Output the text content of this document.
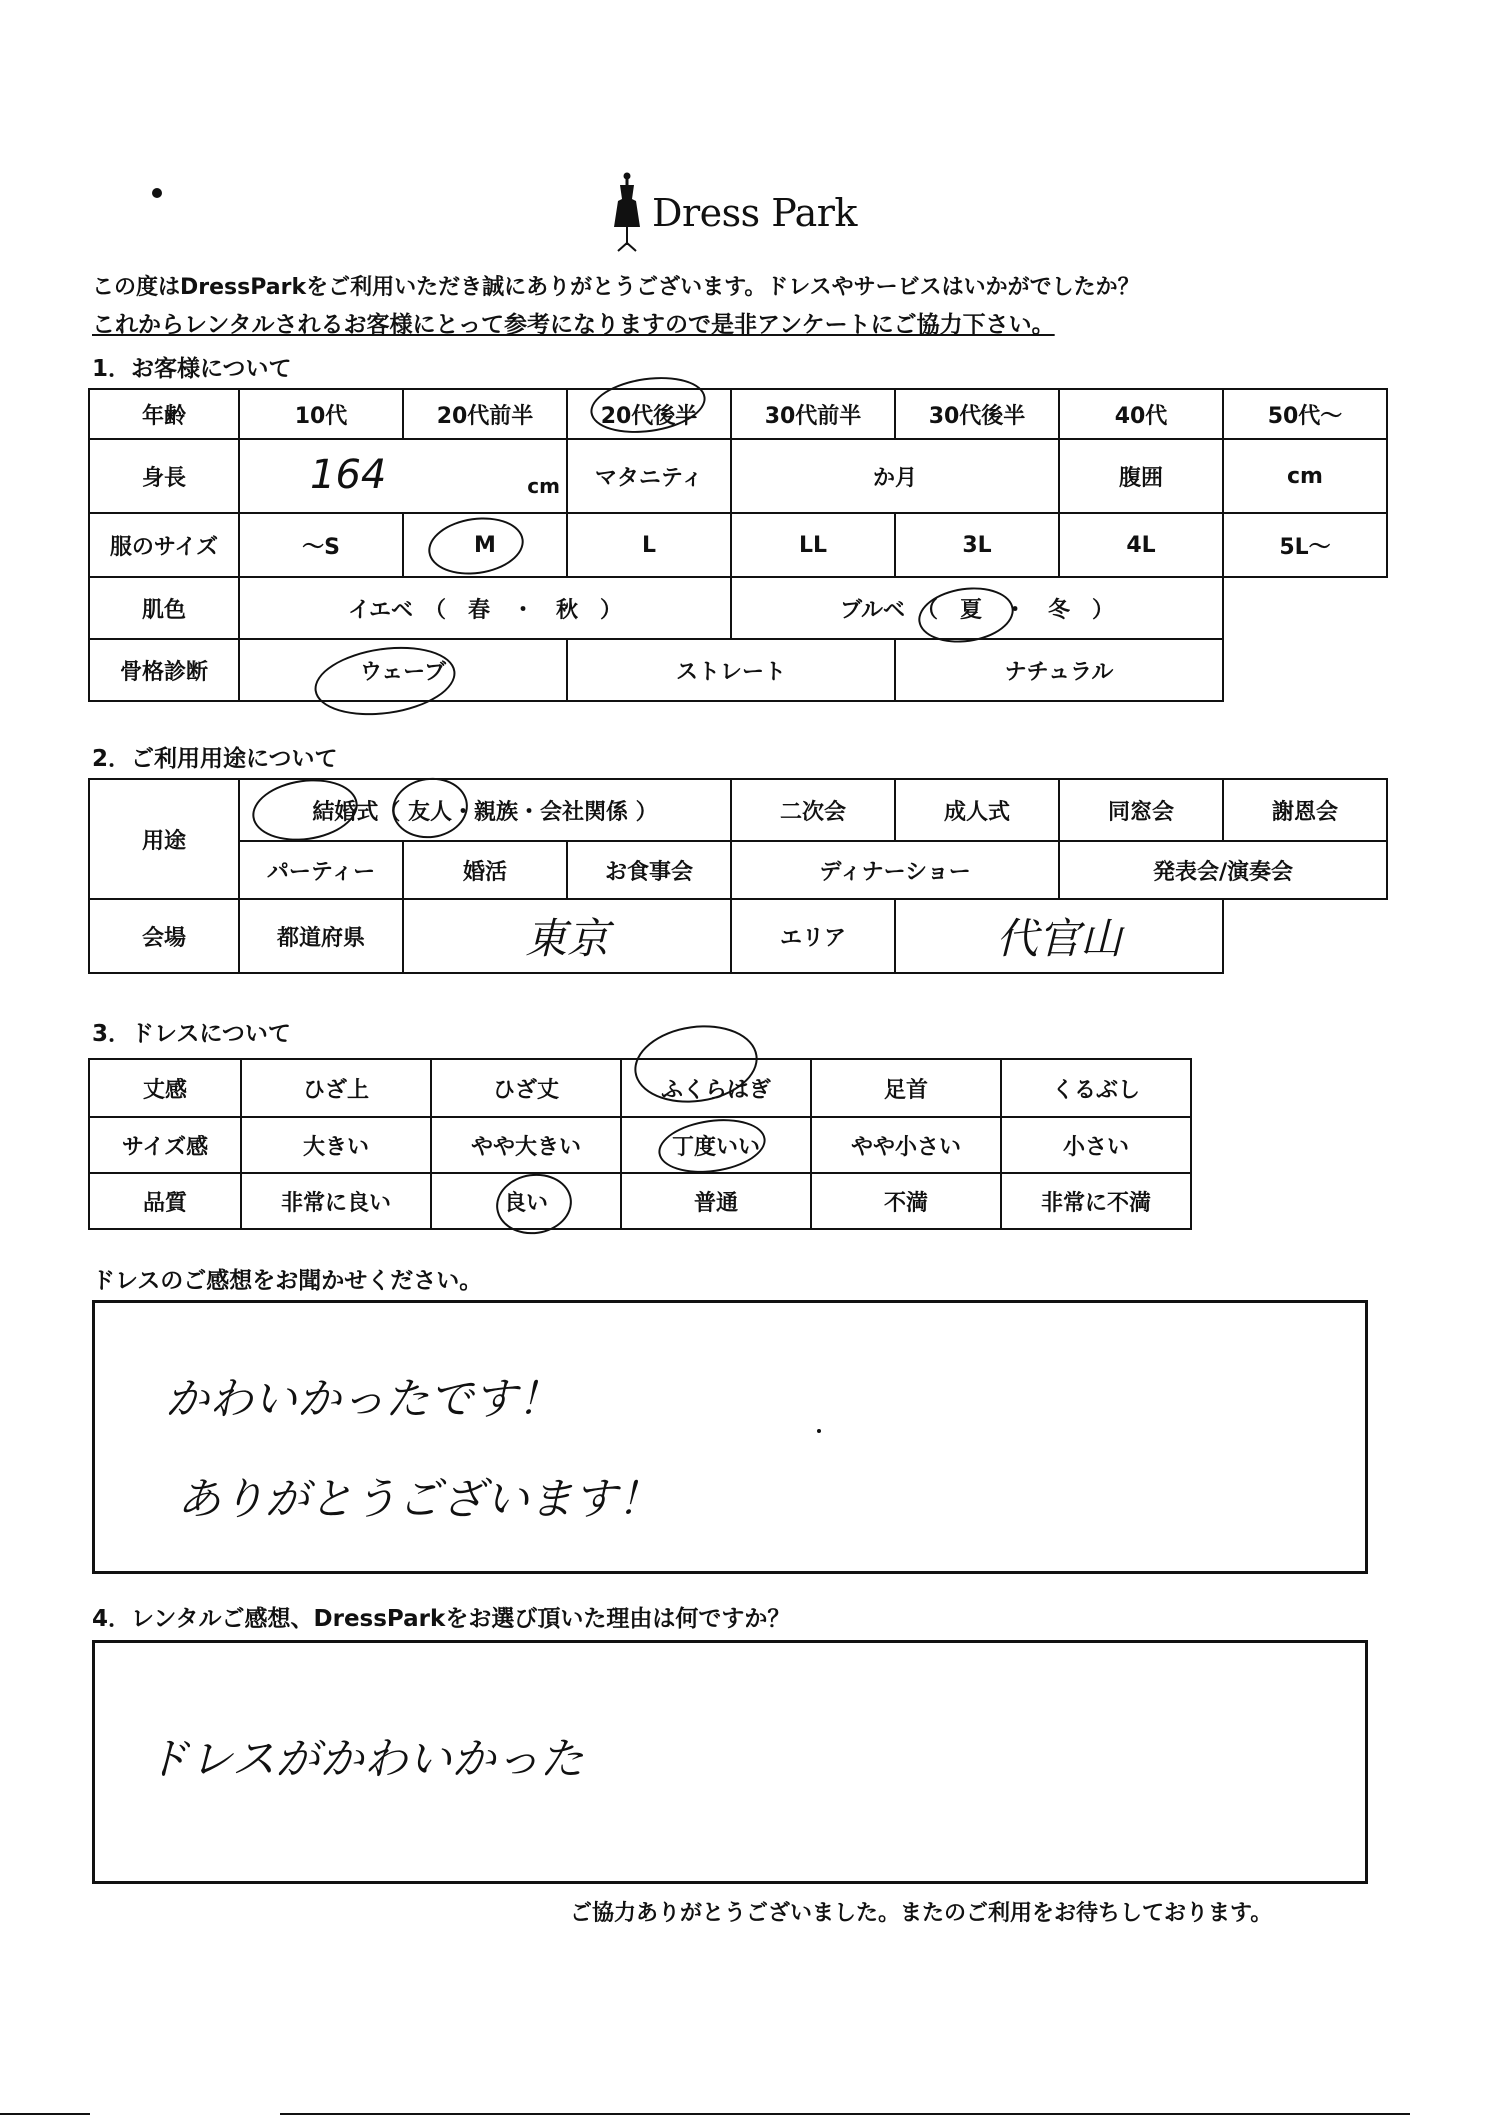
Dress Park
この度はDressParkをご利用いただき誠にありがとうございます。ドレスやサービスはいかがでしたか？
これからレンタルされるお客様にとって参考になりますので是非アンケートにご協力下さい。
1．お客様について
年齢	10代	20代前半	20代後半	30代前半	30代後半	40代	50代～
身長	164 cm		マタニティ	か月		腹囲	cm
服のサイズ	～S	M	L	LL	3L	4L	5L～
肌色	イエベ　（　春　・　秋　）			ブルベ　（　夏　・　冬　）			
骨格診断	ウェーブ		ストレート		ナチュラル		
2．ご利用用途について
用途	結婚式（ 友人・親族・会社関係 ）			二次会	成人式	同窓会	謝恩会
	パーティー	婚活	お食事会	ディナーショー		発表会/演奏会	
会場	都道府県	東京		エリア	代官山		
3．ドレスについて
丈感	ひざ上	ひざ丈	ふくらはぎ	足首	くるぶし
サイズ感	大きい	やや大きい	丁度いい	やや小さい	小さい
品質	非常に良い	良い	普通	不満	非常に不満
ドレスのご感想をお聞かせください。
かわいかったです！
ありがとうございます！
4．レンタルご感想、DressParkをお選び頂いた理由は何ですか？
ドレスがかわいかった
ご協力ありがとうございました。またのご利用をお待ちしております。
